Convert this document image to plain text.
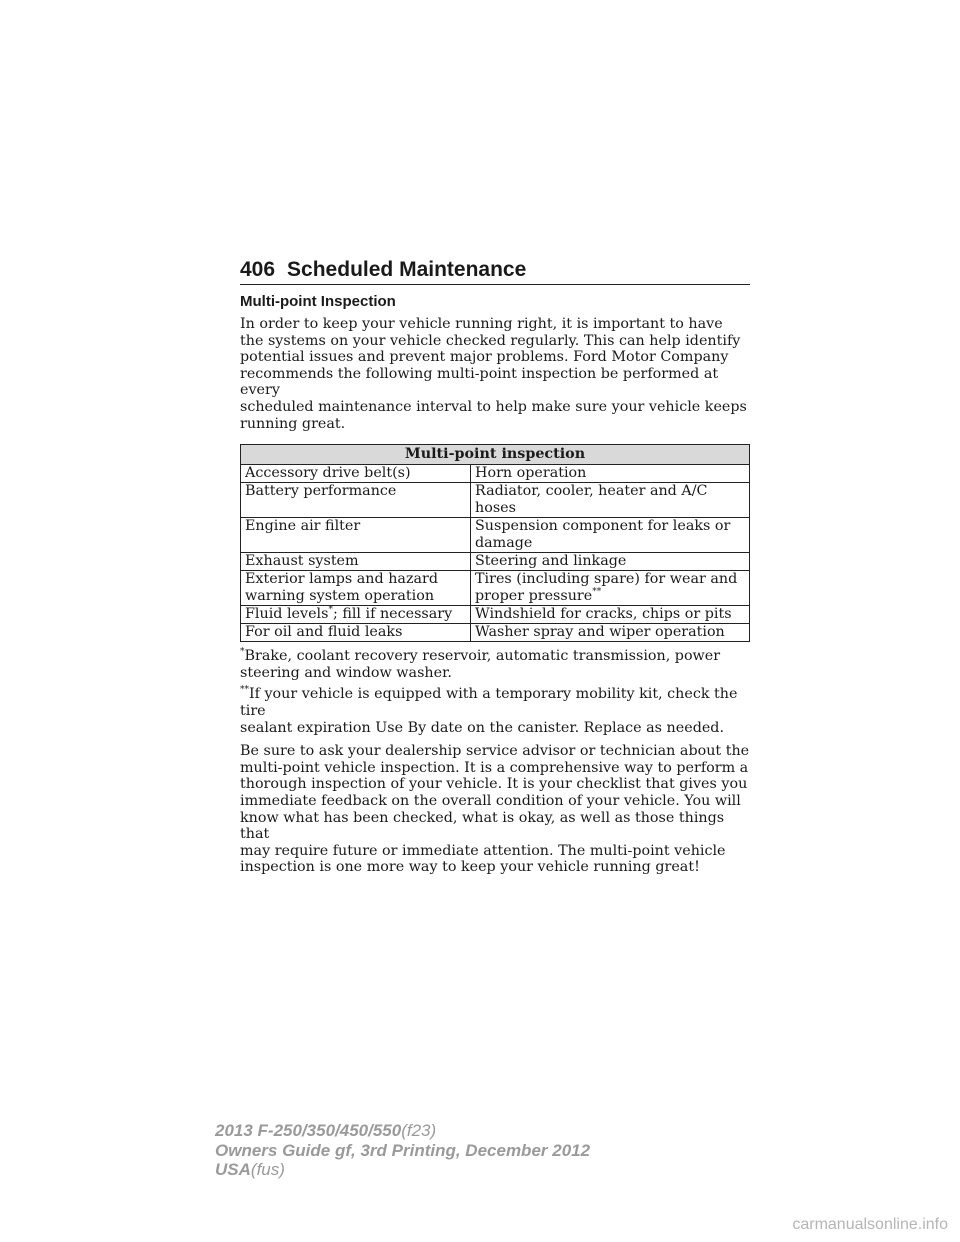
406 Scheduled Maintenance
Multi-point Inspection

In order to keep your vehicle running right, it is important to have
the systems on your vehicle checked regularly. This can help identify
potential issues and prevent major problems. Ford Motor Company
recommends the following multi-point inspection be performed at every
scheduled maintenance interval to help make sure your vehicle keeps
running great.

Multi-point inspection	
Accessory drive belt(s)	Horn operation
Battery performance	Radiator, cooler, heater and A/C hoses
Engine air filter	Suspension component for leaks or
damage
Exhaust system	Steering and linkage
Exterior lamps and hazard
warning system operation	Tires (including spare) for wear and
proper pressure**
Fluid levels*; fill if necessary	Windshield for cracks, chips or pits
For oil and fluid leaks	Washer spray and wiper operation

*Brake, coolant recovery reservoir, automatic transmission, power
steering and window washer.

**If your vehicle is equipped with a temporary mobility kit, check the tire
sealant expiration Use By date on the canister. Replace as needed.

Be sure to ask your dealership service advisor or technician about the
multi-point vehicle inspection. It is a comprehensive way to perform a
thorough inspection of your vehicle. It is your checklist that gives you
immediate feedback on the overall condition of your vehicle. You will
know what has been checked, what is okay, as well as those things that
may require future or immediate attention. The multi-point vehicle
inspection is one more way to keep your vehicle running great!

2013 F-250/350/450/550(f23)
Owners Guide gf, 3rd Printing, December 2012
USA(fus)
carmanualsonline.info
